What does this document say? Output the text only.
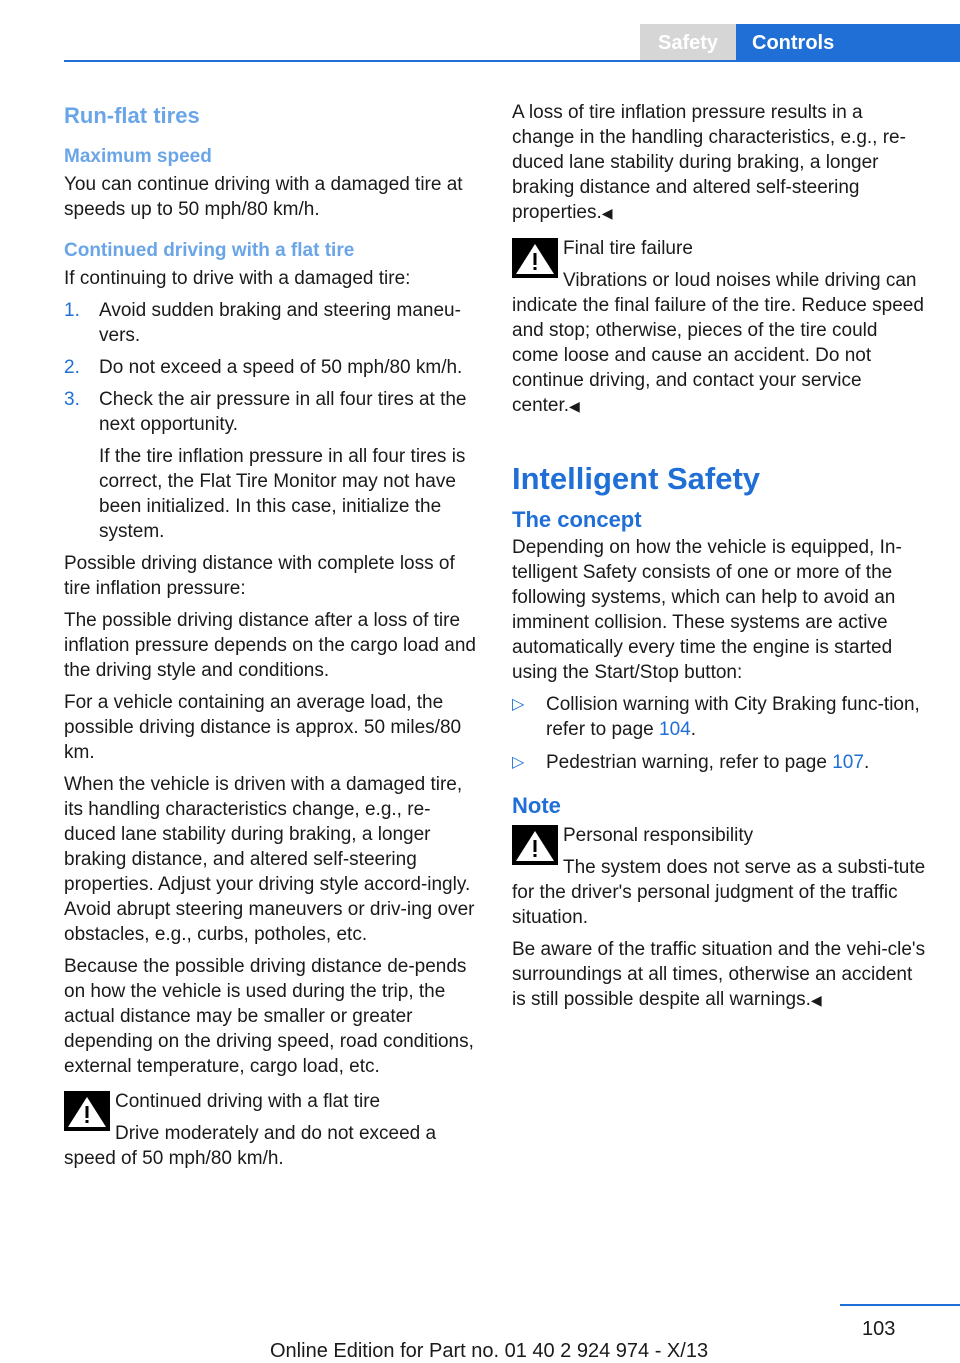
Safety	Controls
Run-flat tires
Maximum speed

You can continue driving with a damaged tire at speeds up to 50 mph/80 km/h.

Continued driving with a flat tire

If continuing to drive with a damaged tire:

1. Avoid sudden braking and steering maneu‐vers.
2. Do not exceed a speed of 50 mph/80 km/h.
3. Check the air pressure in all four tires at the next opportunity.
If the tire inflation pressure in all four tires is correct, the Flat Tire Monitor may not have been initialized. In this case, initialize the system.

Possible driving distance with complete loss of tire inflation pressure:

The possible driving distance after a loss of tire inflation pressure depends on the cargo load and the driving style and conditions.

For a vehicle containing an average load, the possible driving distance is approx. 50 miles/80 km.

When the vehicle is driven with a damaged tire, its handling characteristics change, e.g., re‐duced lane stability during braking, a longer braking distance, and altered self-steering properties. Adjust your driving style accord‐ingly. Avoid abrupt steering maneuvers or driv‐ing over obstacles, e.g., curbs, potholes, etc.

Because the possible driving distance de‐pends on how the vehicle is used during the trip, the actual distance may be smaller or greater depending on the driving speed, road conditions, external temperature, cargo load, etc.

Continued driving with a flat tire
Drive moderately and do not exceed a speed of 50 mph/80 km/h.

A loss of tire inflation pressure results in a change in the handling characteristics, e.g., re‐duced lane stability during braking, a longer braking distance and altered self-steering properties.◀

Final tire failure
Vibrations or loud noises while driving can indicate the final failure of the tire. Reduce speed and stop; otherwise, pieces of the tire could come loose and cause an accident. Do not continue driving, and contact your service center.◀
Intelligent Safety
The concept

Depending on how the vehicle is equipped, In‐telligent Safety consists of one or more of the following systems, which can help to avoid an imminent collision. These systems are active automatically every time the engine is started using the Start/Stop button:

▷ Collision warning with City Braking func‐tion, refer to page 104.
▷ Pedestrian warning, refer to page 107.
Note
Personal responsibility
The system does not serve as a substi‐tute for the driver's personal judgment of the traffic situation.

Be aware of the traffic situation and the vehi‐cle's surroundings at all times, otherwise an accident is still possible despite all warnings.◀

103
Online Edition for Part no. 01 40 2 924 974 - X/13
